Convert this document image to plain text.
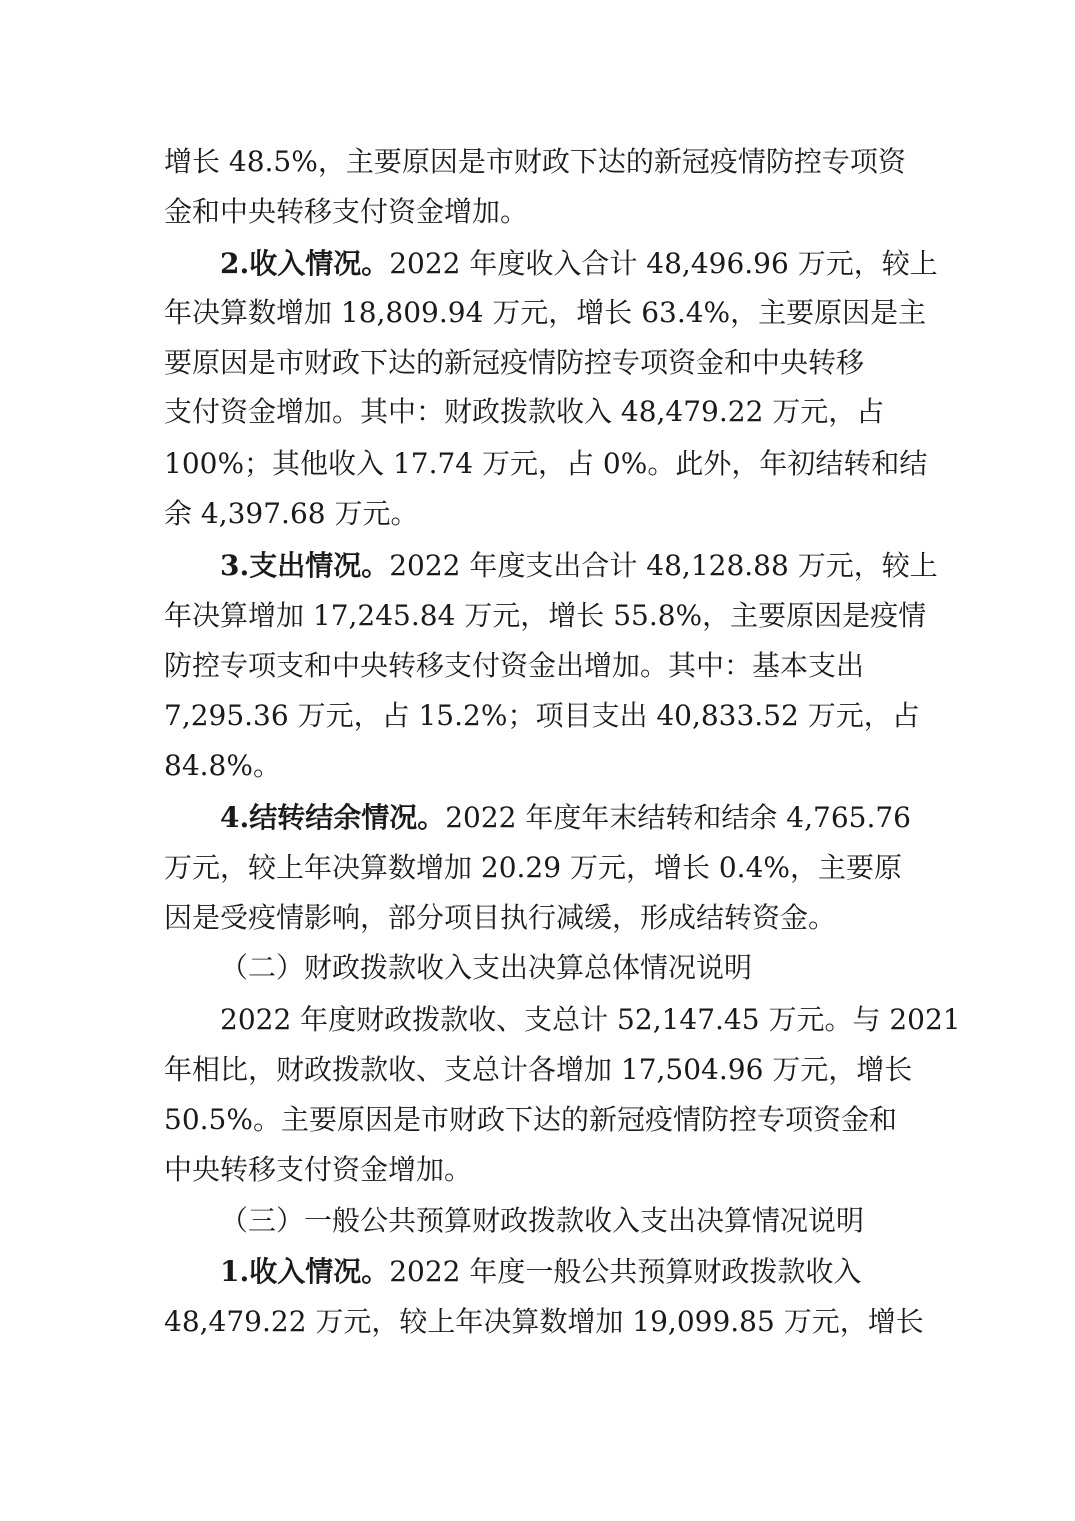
增长 48.5%，主要原因是市财政下达的新冠疫情防控专项资
金和中央转移支付资金增加。
2.收入情况。2022 年度收入合计 48,496.96 万元，较上
年决算数增加 18,809.94 万元，增长 63.4%，主要原因是主
要原因是市财政下达的新冠疫情防控专项资金和中央转移
支付资金增加。其中：财政拨款收入 48,479.22 万元，占
100%；其他收入 17.74 万元，占 0%。此外，年初结转和结
余 4,397.68 万元。
3.支出情况。2022 年度支出合计 48,128.88 万元，较上
年决算增加 17,245.84 万元，增长 55.8%，主要原因是疫情
防控专项支和中央转移支付资金出增加。其中：基本支出
7,295.36 万元，占 15.2%；项目支出 40,833.52 万元，占
84.8%。
4.结转结余情况。2022 年度年末结转和结余 4,765.76
万元，较上年决算数增加 20.29 万元，增长 0.4%，主要原
因是受疫情影响，部分项目执行减缓，形成结转资金。
（二）财政拨款收入支出决算总体情况说明
2022 年度财政拨款收、支总计 52,147.45 万元。与 2021
年相比，财政拨款收、支总计各增加 17,504.96 万元，增长
50.5%。主要原因是市财政下达的新冠疫情防控专项资金和
中央转移支付资金增加。
（三）一般公共预算财政拨款收入支出决算情况说明
1.收入情况。2022 年度一般公共预算财政拨款收入
48,479.22 万元，较上年决算数增加 19,099.85 万元，增长
